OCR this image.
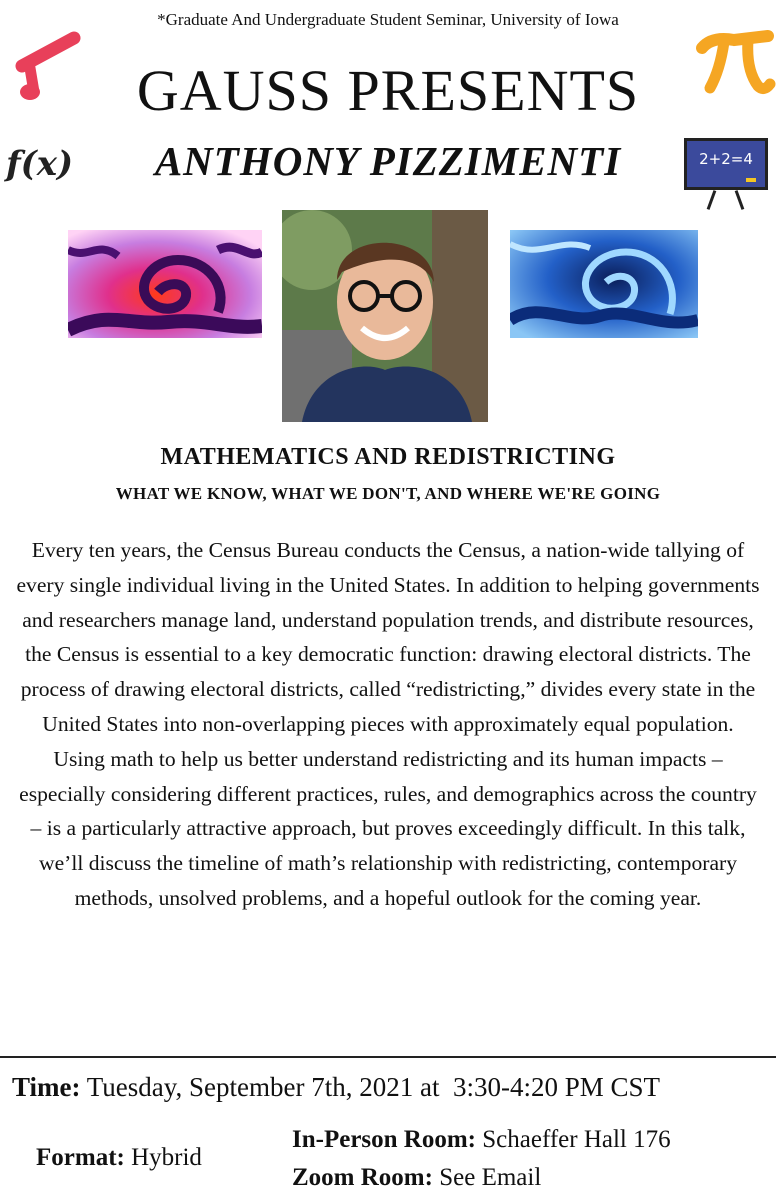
f(x)	2+2=4
*Graduate And Undergraduate Student Seminar, University of Iowa
GAUSS PRESENTS
ANTHONY PIZZIMENTI
MATHEMATICS AND REDISTRICTING
WHAT WE KNOW, WHAT WE DON'T, AND WHERE WE'RE GOING
Every ten years, the Census Bureau conducts the Census, a nation-wide tallying of every single individual living in the United States. In addition to helping governments and researchers manage land, understand population trends, and distribute resources, the Census is essential to a key democratic function: drawing electoral districts. The process of drawing electoral districts, called “redistricting,” divides every state in the United States into non-overlapping pieces with approximately equal population. Using math to help us better understand redistricting and its human impacts – especially considering different practices, rules, and demographics across the country – is a particularly attractive approach, but proves exceedingly difficult. In this talk, we’ll discuss the timeline of math’s relationship with redistricting, contemporary methods, unsolved problems, and a hopeful outlook for the coming year.
Time: Tuesday, September 7th, 2021 at  3:30-4:20 PM CST
Format: Hybrid
In-Person Room: Schaeffer Hall 176
Zoom Room: See Email
